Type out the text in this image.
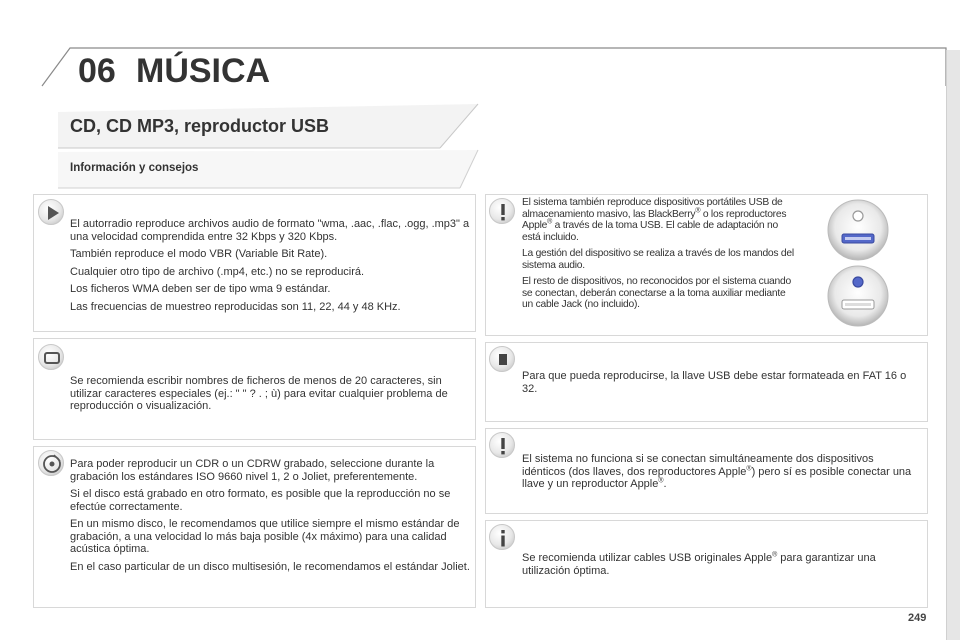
06 MÚSICA
CD, CD MP3, reproductor USB
Información y consejos

El autorradio reproduce archivos audio de formato "wma, .aac, .flac, .ogg, .mp3" a una velocidad comprendida entre 32 Kbps y 320 Kbps.

También reproduce el modo VBR (Variable Bit Rate).

Cualquier otro tipo de archivo (.mp4, etc.) no se reproducirá.

Los ficheros WMA deben ser de tipo wma 9 estándar.

Las frecuencias de muestreo reproducidas son 11, 22, 44 y 48 KHz.

Se recomienda escribir nombres de ficheros de menos de 20 caracteres, sin utilizar caracteres especiales (ej.: " " ? . ; ù) para evitar cualquier problema de reproducción o visualización.

Para poder reproducir un CDR o un CDRW grabado, seleccione durante la grabación los estándares ISO 9660 nivel 1, 2 o Joliet, preferentemente.

Si el disco está grabado en otro formato, es posible que la reproducción no se efectúe correctamente.

En un mismo disco, le recomendamos que utilice siempre el mismo estándar de grabación, a una velocidad lo más baja posible (4x máximo) para una calidad acústica óptima.

En el caso particular de un disco multisesión, le recomendamos el estándar Joliet.

El sistema también reproduce dispositivos portátiles USB de almacenamiento masivo, las BlackBerry® o los reproductores Apple® a través de la toma USB. El cable de adaptación no está incluido.

La gestión del dispositivo se realiza a través de los mandos del sistema audio.

El resto de dispositivos, no reconocidos por el sistema cuando se conectan, deberán conectarse a la toma auxiliar mediante un cable Jack (no incluido).

Para que pueda reproducirse, la llave USB debe estar formateada en FAT 16 o 32.

El sistema no funciona si se conectan simultáneamente dos dispositivos idénticos (dos llaves, dos reproductores Apple®) pero sí es posible conectar una llave y un reproductor Apple®.

Se recomienda utilizar cables USB originales Apple® para garantizar una utilización óptima.

249
